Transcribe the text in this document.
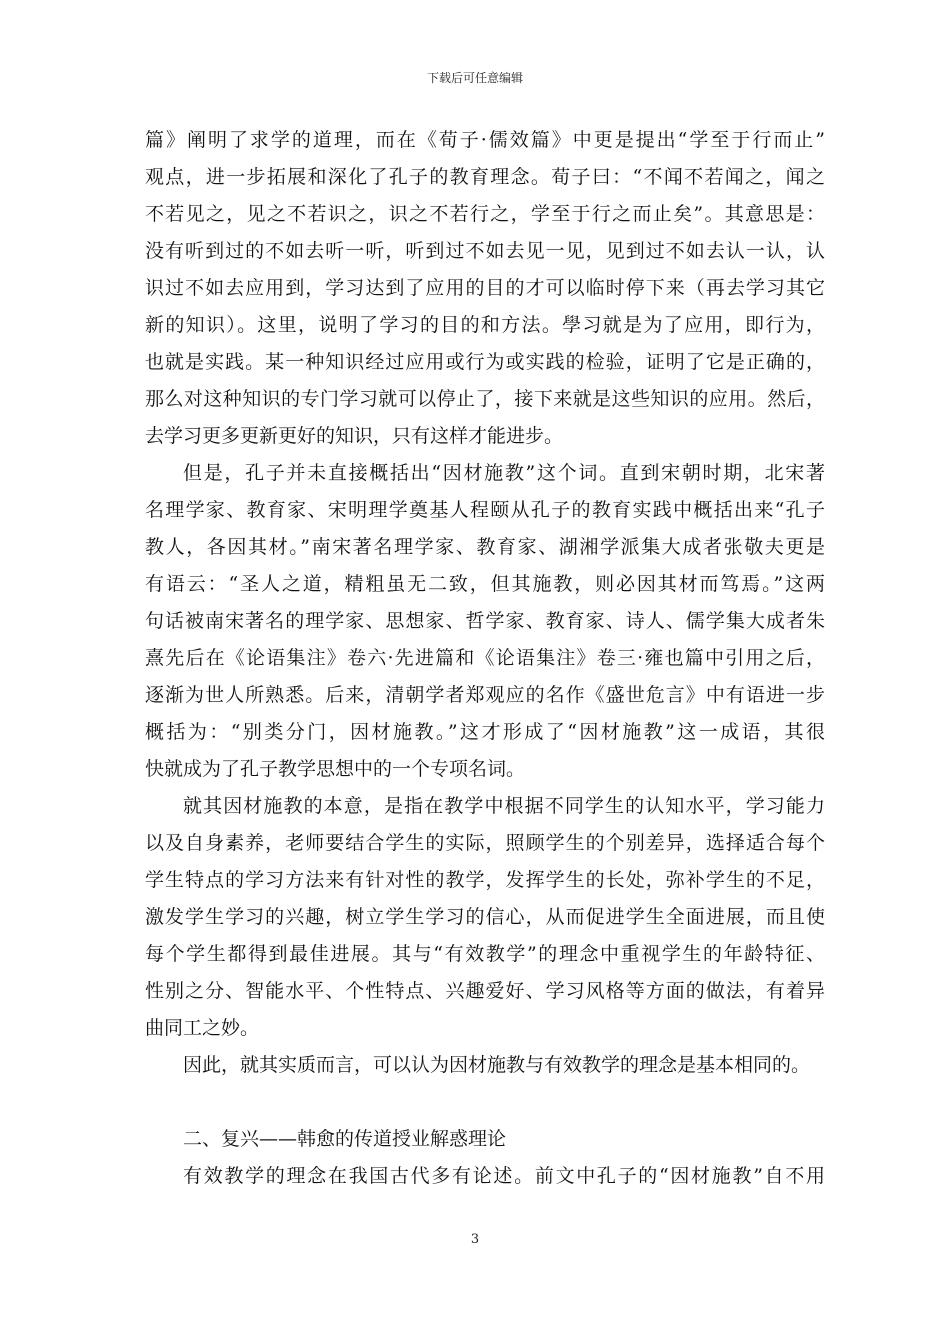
下载后可任意编辑
篇》阐明了求学的道理，而在《荀子·儒效篇》中更是提出“学至于行而止”
观点，进一步拓展和深化了孔子的教育理念。荀子曰：“不闻不若闻之，闻之
不若见之，见之不若识之，识之不若行之，学至于行之而止矣”。其意思是：
没有听到过的不如去听一听，听到过不如去见一见，见到过不如去认一认，认
识过不如去应用到，学习达到了应用的目的才可以临时停下来（再去学习其它
新的知识）。这里，说明了学习的目的和方法。學习就是为了应用，即行为，
也就是实践。某一种知识经过应用或行为或实践的检验，证明了它是正确的，
那么对这种知识的专门学习就可以停止了，接下来就是这些知识的应用。然后，
去学习更多更新更好的知识，只有这样才能进步。
但是，孔子并未直接概括出“因材施教”这个词。直到宋朝时期，北宋著
名理学家、教育家、宋明理学奠基人程颐从孔子的教育实践中概括出来“孔子
教人，各因其材。”南宋著名理学家、教育家、湖湘学派集大成者张敬夫更是
有语云：“圣人之道，精粗虽无二致，但其施教，则必因其材而笃焉。”这两
句话被南宋著名的理学家、思想家、哲学家、教育家、诗人、儒学集大成者朱
熹先后在《论语集注》卷六·先进篇和《论语集注》卷三·雍也篇中引用之后，
逐渐为世人所熟悉。后来，清朝学者郑观应的名作《盛世危言》中有语进一步
概括为：“别类分门，因材施教。”这才形成了“因材施教”这一成语，其很
快就成为了孔子教学思想中的一个专项名词。
就其因材施教的本意，是指在教学中根据不同学生的认知水平，学习能力
以及自身素养，老师要结合学生的实际，照顾学生的个别差异，选择适合每个
学生特点的学习方法来有针对性的教学，发挥学生的长处，弥补学生的不足，
激发学生学习的兴趣，树立学生学习的信心，从而促进学生全面进展，而且使
每个学生都得到最佳进展。其与“有效教学”的理念中重视学生的年龄特征、
性别之分、智能水平、个性特点、兴趣爱好、学习风格等方面的做法，有着异
曲同工之妙。
因此，就其实质而言，可以认为因材施教与有效教学的理念是基本相同的。
二、复兴——韩愈的传道授业解惑理论
有效教学的理念在我国古代多有论述。前文中孔子的“因材施教”自不用
3
